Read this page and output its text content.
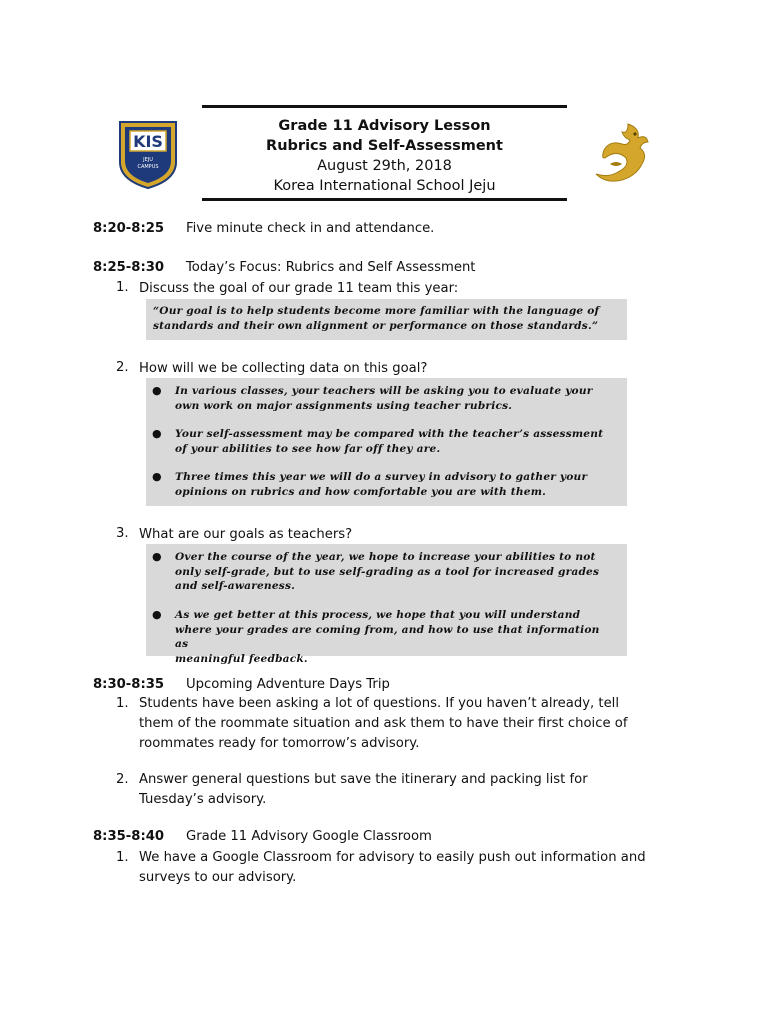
KIS
JEJU
CAMPUS
Grade 11 Advisory Lesson
Rubrics and Self-Assessment
August 29th, 2018
Korea International School Jeju
8:20-8:25 Five minute check in and attendance.
8:25-8:30 Today’s Focus: Rubrics and Self Assessment
1. Discuss the goal of our grade 11 team this year:
“Our goal is to help students become more familiar with the language of
standards and their own alignment or performance on those standards.”
2. How will we be collecting data on this goal?
● In various classes, your teachers will be asking you to evaluate your
own work on major assignments using teacher rubrics.
● Your self-assessment may be compared with the teacher’s assessment
of your abilities to see how far off they are.
● Three times this year we will do a survey in advisory to gather your
opinions on rubrics and how comfortable you are with them.
3. What are our goals as teachers?
● Over the course of the year, we hope to increase your abilities to not
only self-grade, but to use self-grading as a tool for increased grades
and self-awareness.
● As we get better at this process, we hope that you will understand
where your grades are coming from, and how to use that information as
meaningful feedback.
8:30-8:35 Upcoming Adventure Days Trip
1. Students have been asking a lot of questions. If you haven’t already, tell
them of the roommate situation and ask them to have their first choice of
roommates ready for tomorrow’s advisory.
2. Answer general questions but save the itinerary and packing list for
Tuesday’s advisory.
8:35-8:40 Grade 11 Advisory Google Classroom
1. We have a Google Classroom for advisory to easily push out information and
surveys to our advisory.
